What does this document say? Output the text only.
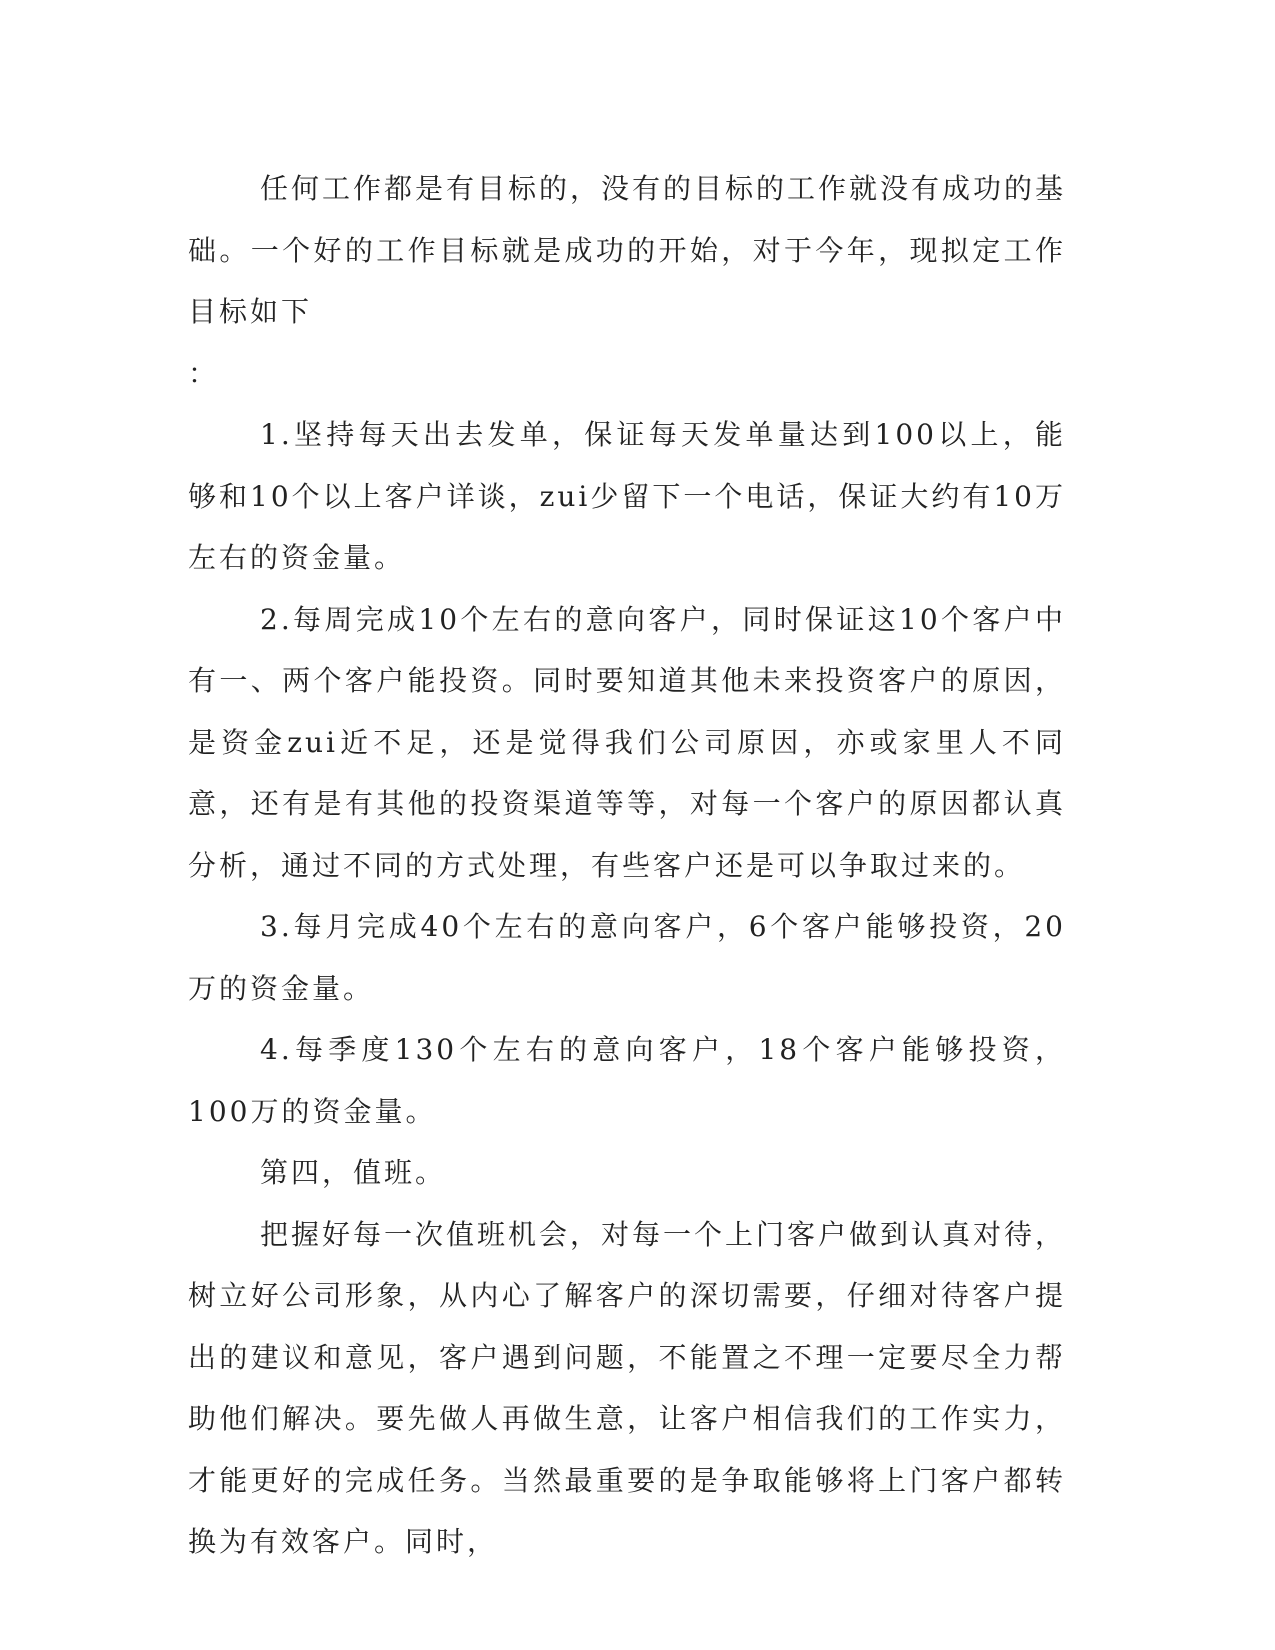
任何工作都是有目标的，没有的目标的工作就没有成功的基础。一个好的工作目标就是成功的开始，对于今年，现拟定工作目标如下

：

1.坚持每天出去发单，保证每天发单量达到100以上，能够和10个以上客户详谈，zui少留下一个电话，保证大约有10万左右的资金量。

2.每周完成10个左右的意向客户，同时保证这10个客户中有一、两个客户能投资。同时要知道其他未来投资客户的原因，是资金zui近不足，还是觉得我们公司原因，亦或家里人不同意，还有是有其他的投资渠道等等，对每一个客户的原因都认真分析，通过不同的方式处理，有些客户还是可以争取过来的。

3.每月完成40个左右的意向客户，6个客户能够投资，20万的资金量。

4.每季度130个左右的意向客户，18个客户能够投资，100万的资金量。

第四，值班。

把握好每一次值班机会，对每一个上门客户做到认真对待，树立好公司形象，从内心了解客户的深切需要，仔细对待客户提出的建议和意见，客户遇到问题，不能置之不理一定要尽全力帮助他们解决。要先做人再做生意，让客户相信我们的工作实力，才能更好的完成任务。当然最重要的是争取能够将上门客户都转换为有效客户。同时，
